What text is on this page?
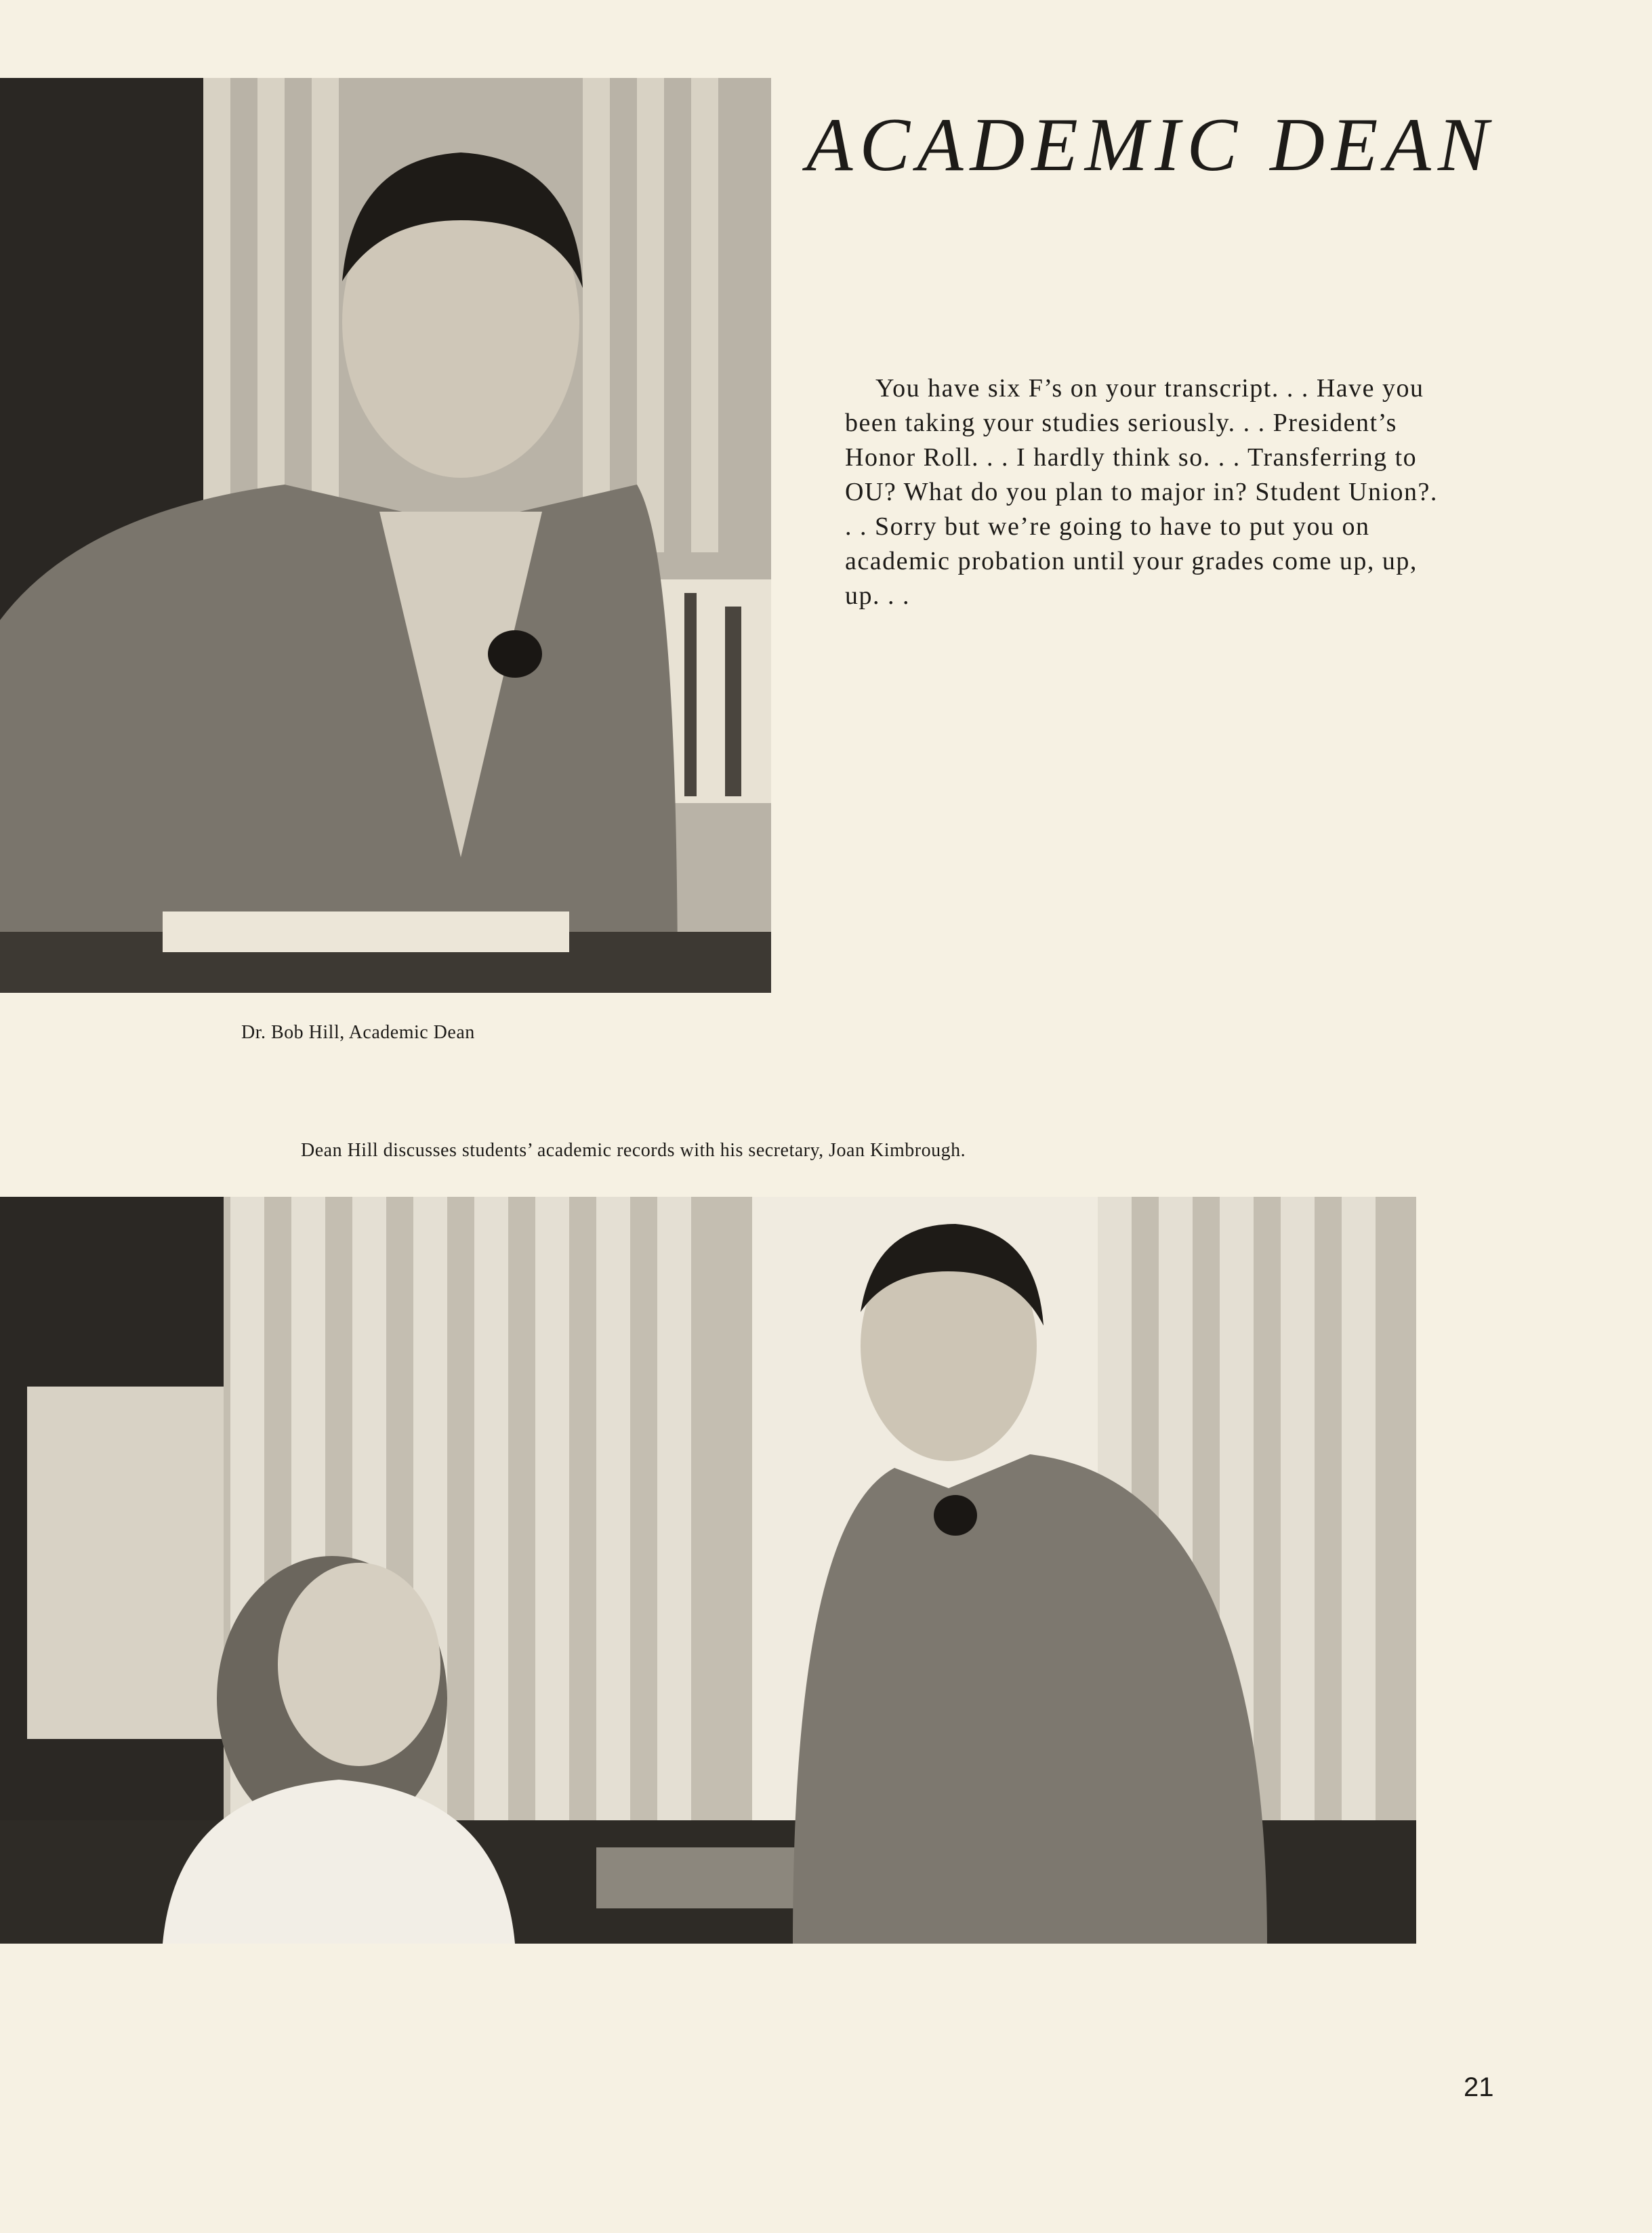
ACADEMIC DEAN
You have six F’s on your transcript. . . Have you been taking your studies seriously. . . President’s Honor Roll. . . I hardly think so. . . Transferring to OU? What do you plan to major in? Student Union?. . . Sorry but we’re going to have to put you on academic probation until your grades come up, up, up. . .
Dr. Bob Hill, Academic Dean
Dean Hill discusses students’ academic records with his secretary, Joan Kimbrough.
21
